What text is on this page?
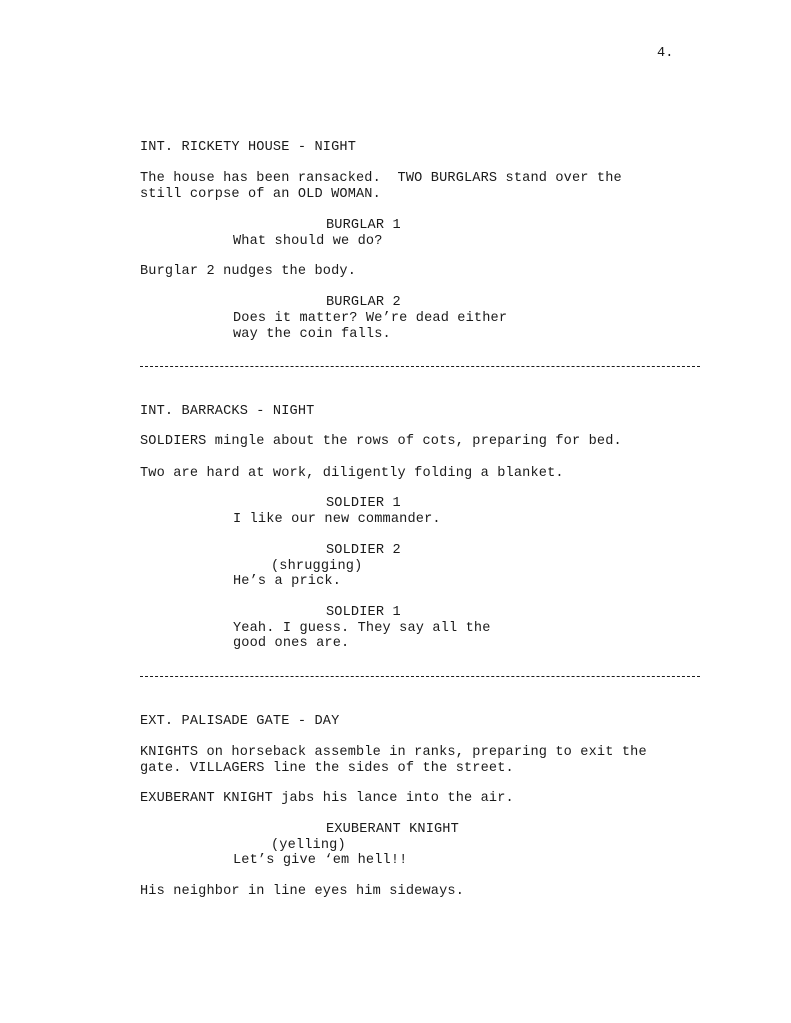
4.
INT. RICKETY HOUSE - NIGHT
The house has been ransacked.  TWO BURGLARS stand over the
still corpse of an OLD WOMAN.
BURGLAR 1
What should we do?
Burglar 2 nudges the body.
BURGLAR 2
Does it matter? We’re dead either
way the coin falls.
INT. BARRACKS - NIGHT
SOLDIERS mingle about the rows of cots, preparing for bed.
Two are hard at work, diligently folding a blanket.
SOLDIER 1
I like our new commander.
SOLDIER 2
(shrugging)
He’s a prick.
SOLDIER 1
Yeah. I guess. They say all the
good ones are.
EXT. PALISADE GATE - DAY
KNIGHTS on horseback assemble in ranks, preparing to exit the
gate. VILLAGERS line the sides of the street.
EXUBERANT KNIGHT jabs his lance into the air.
EXUBERANT KNIGHT
(yelling)
Let’s give ‘em hell!!
His neighbor in line eyes him sideways.
